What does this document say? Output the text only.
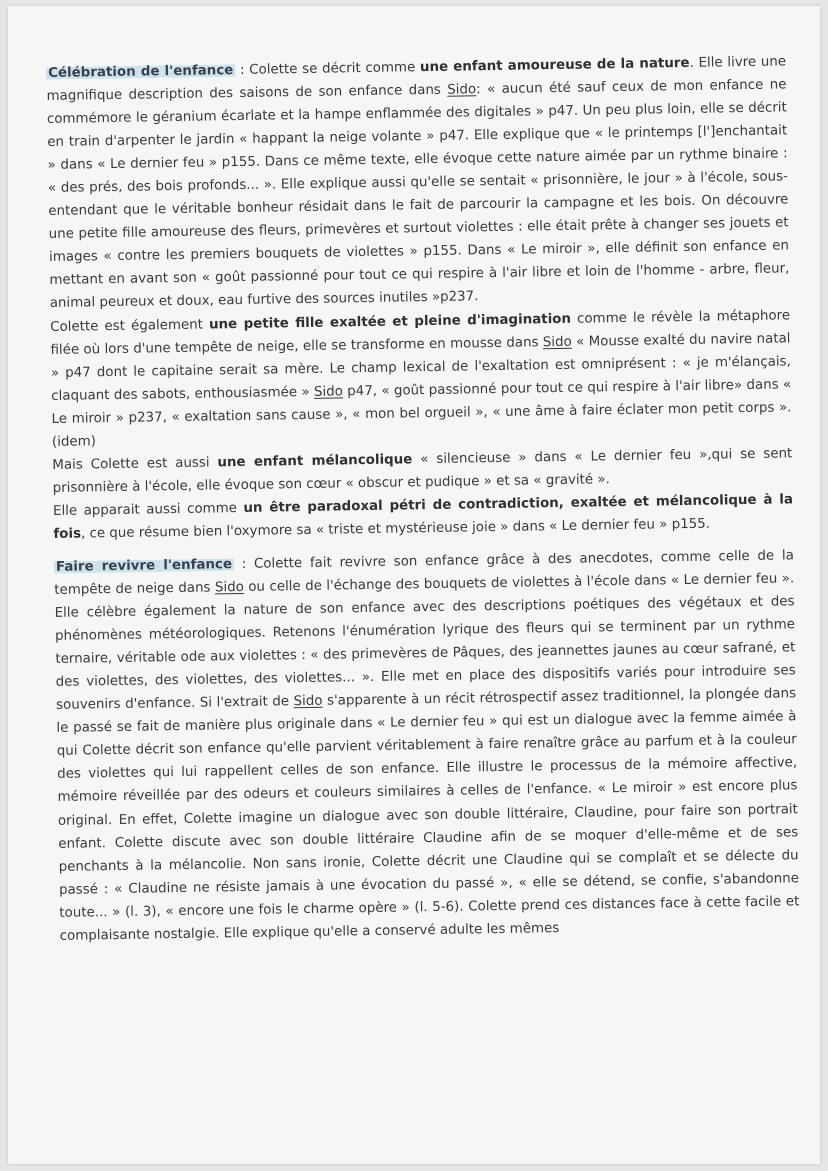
Célébration de l'enfance : Colette se décrit comme une enfant amoureuse de la nature. Elle livre une magnifique description des saisons de son enfance dans Sido: « aucun été sauf ceux de mon enfance ne commémore le géranium écarlate et la hampe enflammée des digitales » p47. Un peu plus loin, elle se décrit en train d'arpenter le jardin « happant la neige volante » p47. Elle explique que « le printemps [l']enchantait » dans « Le dernier feu » p155. Dans ce même texte, elle évoque cette nature aimée par un rythme binaire : « des prés, des bois profonds... ». Elle explique aussi qu'elle se sentait « prisonnière, le jour » à l'école, sous-entendant que le véritable bonheur résidait dans le fait de parcourir la campagne et les bois. On découvre une petite fille amoureuse des fleurs, primevères et surtout violettes : elle était prête à changer ses jouets et images « contre les premiers bouquets de violettes » p155. Dans « Le miroir », elle définit son enfance en mettant en avant son « goût passionné pour tout ce qui respire à l'air libre et loin de l'homme - arbre, fleur, animal peureux et doux, eau furtive des sources inutiles »p237.

Colette est également une petite fille exaltée et pleine d'imagination comme le révèle la métaphore filée où lors d'une tempête de neige, elle se transforme en mousse dans Sido « Mousse exalté du navire natal » p47 dont le capitaine serait sa mère. Le champ lexical de l'exaltation est omniprésent : « je m'élançais, claquant des sabots, enthousiasmée » Sido p47, « goût passionné pour tout ce qui respire à l'air libre» dans « Le miroir » p237, « exaltation sans cause », « mon bel orgueil », « une âme à faire éclater mon petit corps ». (idem)

Mais Colette est aussi une enfant mélancolique « silencieuse » dans « Le dernier feu »,qui se sent prisonnière à l'école, elle évoque son cœur « obscur et pudique » et sa « gravité ».

Elle apparait aussi comme un être paradoxal pétri de contradiction, exaltée et mélancolique à la fois, ce que résume bien l'oxymore sa « triste et mystérieuse joie » dans « Le dernier feu » p155.

Faire revivre l'enfance : Colette fait revivre son enfance grâce à des anecdotes, comme celle de la tempête de neige dans Sido ou celle de l'échange des bouquets de violettes à l'école dans « Le dernier feu ». Elle célèbre également la nature de son enfance avec des descriptions poétiques des végétaux et des phénomènes météorologiques. Retenons l'énumération lyrique des fleurs qui se terminent par un rythme ternaire, véritable ode aux violettes : « des primevères de Pâques, des jeannettes jaunes au cœur safrané, et des violettes, des violettes, des violettes... ». Elle met en place des dispositifs variés pour introduire ses souvenirs d'enfance. Si l'extrait de Sido s'apparente à un récit rétrospectif assez traditionnel, la plongée dans le passé se fait de manière plus originale dans « Le dernier feu » qui est un dialogue avec la femme aimée à qui Colette décrit son enfance qu'elle parvient véritablement à faire renaître grâce au parfum et à la couleur des violettes qui lui rappellent celles de son enfance. Elle illustre le processus de la mémoire affective, mémoire réveillée par des odeurs et couleurs similaires à celles de l'enfance. « Le miroir » est encore plus original. En effet, Colette imagine un dialogue avec son double littéraire, Claudine, pour faire son portrait enfant. Colette discute avec son double littéraire Claudine afin de se moquer d'elle-même et de ses penchants à la mélancolie. Non sans ironie, Colette décrit une Claudine qui se complaît et se délecte du passé : « Claudine ne résiste jamais à une évocation du passé », « elle se détend, se confie, s'abandonne toute... » (l. 3), « encore une fois le charme opère » (l. 5-6). Colette prend ces distances face à cette facile et complaisante nostalgie. Elle explique qu'elle a conservé adulte les mêmes
